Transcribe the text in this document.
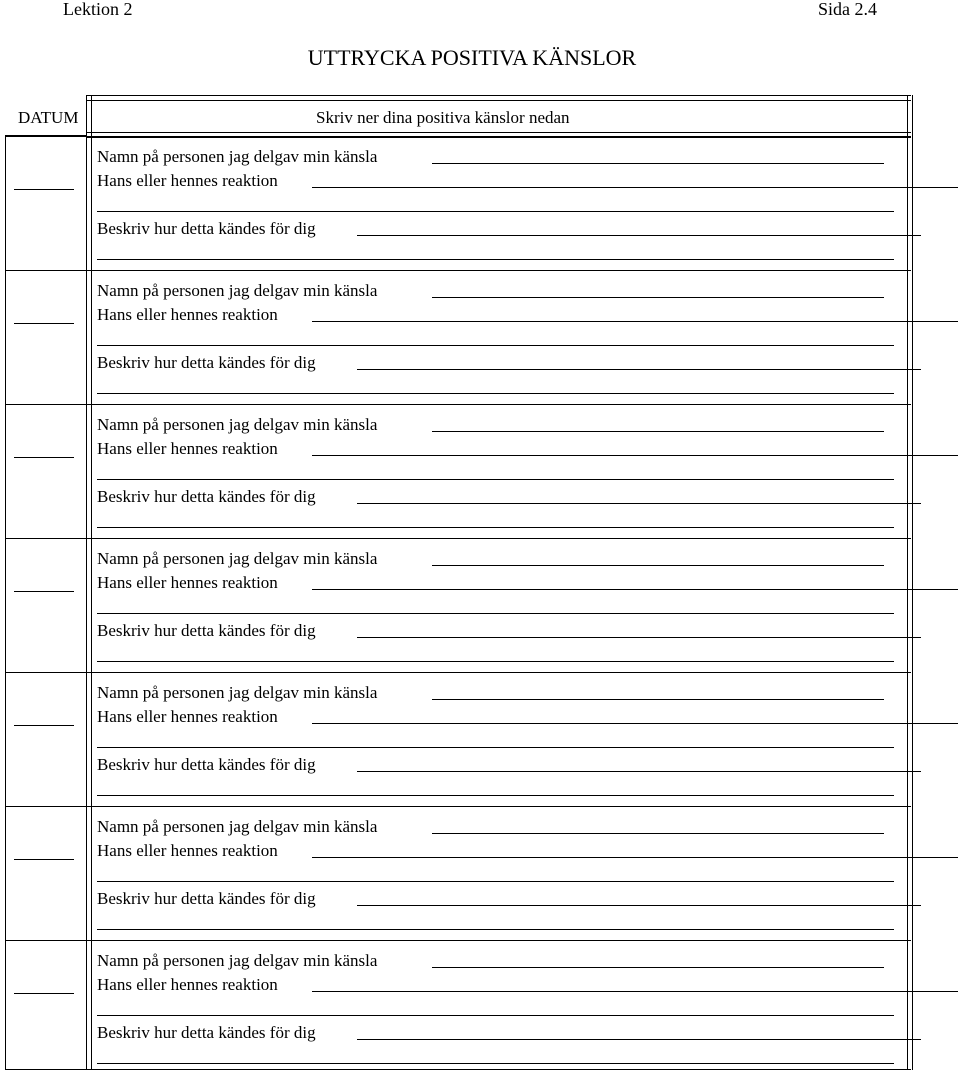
Lektion 2	Sida 2.4
UTTRYCKA POSITIVA KÄNSLOR
DATUM	Skriv ner dina positiva känslor nedan
Namn på personen jag delgav min känsla
Hans eller hennes reaktion
Beskriv hur detta kändes för dig
Namn på personen jag delgav min känsla
Hans eller hennes reaktion
Beskriv hur detta kändes för dig
Namn på personen jag delgav min känsla
Hans eller hennes reaktion
Beskriv hur detta kändes för dig
Namn på personen jag delgav min känsla
Hans eller hennes reaktion
Beskriv hur detta kändes för dig
Namn på personen jag delgav min känsla
Hans eller hennes reaktion
Beskriv hur detta kändes för dig
Namn på personen jag delgav min känsla
Hans eller hennes reaktion
Beskriv hur detta kändes för dig
Namn på personen jag delgav min känsla
Hans eller hennes reaktion
Beskriv hur detta kändes för dig
